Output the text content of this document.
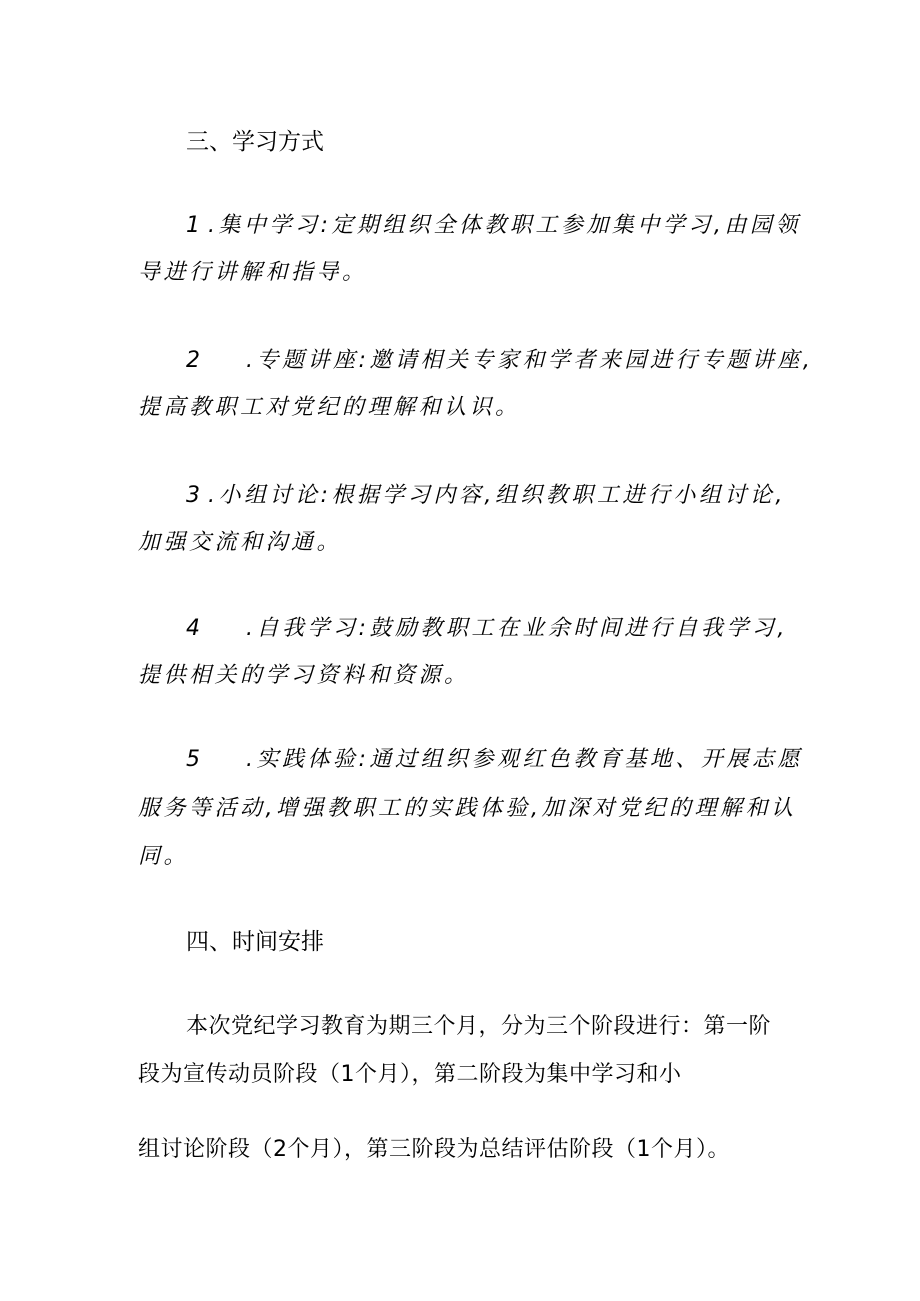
三、学习方式
1 .集中学习:定期组织全体教职工参加集中学习,由园领
导进行讲解和指导。
2 .专题讲座:邀请相关专家和学者来园进行专题讲座,
提高教职工对党纪的理解和认识。
3 .小组讨论:根据学习内容,组织教职工进行小组讨论,
加强交流和沟通。
4 .自我学习:鼓励教职工在业余时间进行自我学习,
提供相关的学习资料和资源。
5 .实践体验:通过组织参观红色教育基地、开展志愿
服务等活动,增强教职工的实践体验,加深对党纪的理解和认
同。
四、时间安排
本次党纪学习教育为期三个月，分为三个阶段进行：第一阶
段为宣传动员阶段（1个月），第二阶段为集中学习和小
组讨论阶段（2个月），第三阶段为总结评估阶段（1个月）。
